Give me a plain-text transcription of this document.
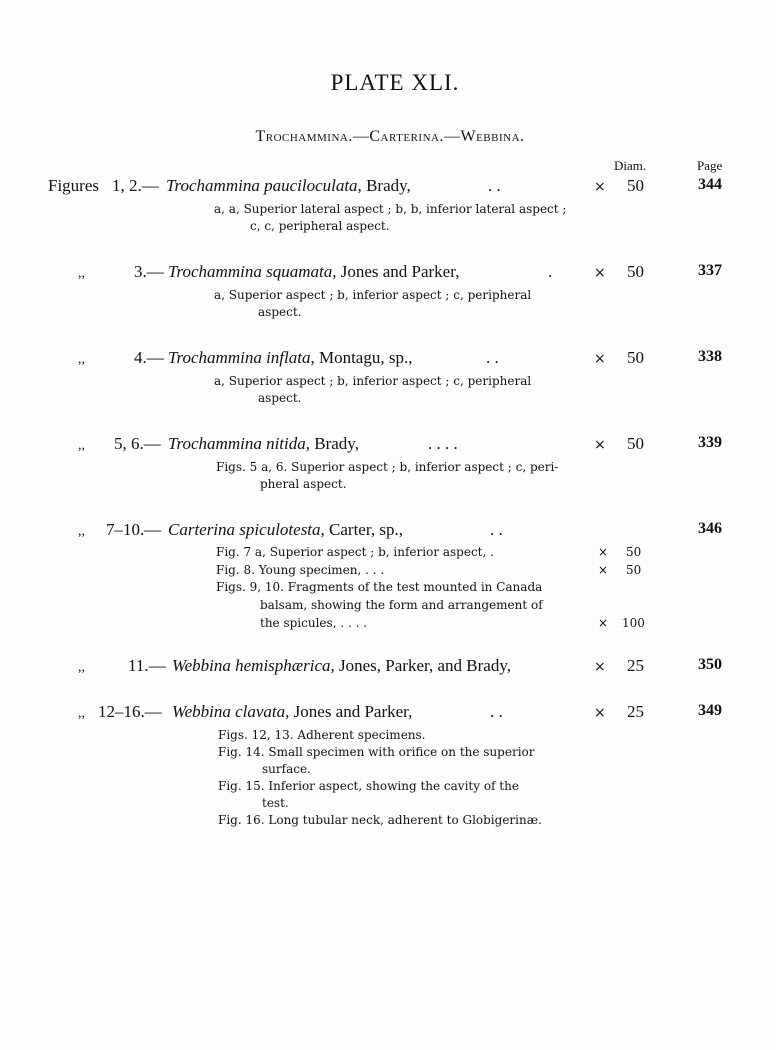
PLATE XLI.
Trochammina.—Carterina.—Webbina.
Diam.	Page
Figures 1, 2.— Trochammina pauciloculata, Brady,	. .	× 50	344
a, a, Superior lateral aspect ; b, b, inferior lateral aspect ;
c, c, peripheral aspect.
,,	3.— Trochammina squamata, Jones and Parker,	.	× 50	337
a, Superior aspect ; b, inferior aspect ; c, peripheral
aspect.
,,	4.— Trochammina inflata, Montagu, sp.,	. .	× 50	338
a, Superior aspect ; b, inferior aspect ; c, peripheral
aspect.
,, 5, 6.— Trochammina nitida, Brady,	. . . .	× 50	339
Figs. 5 a, 6. Superior aspect ; b, inferior aspect ; c, peri-
pheral aspect.
,, 7–10.— Carterina spiculotesta, Carter, sp.,	. .	346
Fig. 7 a, Superior aspect ; b, inferior aspect, .	× 50
Fig. 8. Young specimen, . . .	× 50
Figs. 9, 10. Fragments of the test mounted in Canada
balsam, showing the form and arrangement of
the spicules, . . . .	× 100
,,	11.— Webbina hemisphærica, Jones, Parker, and Brady,	× 25	350
,, 12–16.— Webbina clavata, Jones and Parker,	. .	× 25	349
Figs. 12, 13. Adherent specimens.
Fig. 14. Small specimen with orifice on the superior
surface.
Fig. 15. Inferior aspect, showing the cavity of the
test.
Fig. 16. Long tubular neck, adherent to Globigerinæ.
